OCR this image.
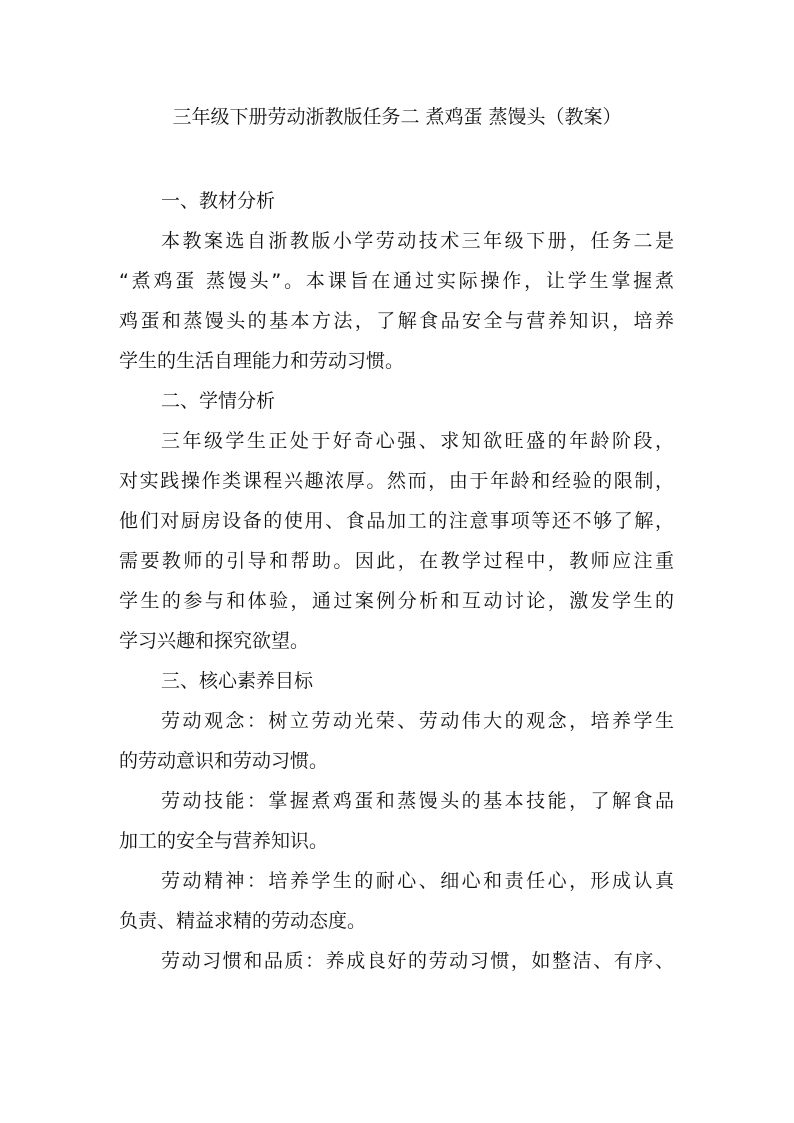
三年级下册劳动浙教版任务二 煮鸡蛋 蒸馒头（教案）
一、教材分析
本教案选自浙教版小学劳动技术三年级下册，任务二是
“煮鸡蛋 蒸馒头”。本课旨在通过实际操作，让学生掌握煮
鸡蛋和蒸馒头的基本方法，了解食品安全与营养知识，培养
学生的生活自理能力和劳动习惯。
二、学情分析
三年级学生正处于好奇心强、求知欲旺盛的年龄阶段，
对实践操作类课程兴趣浓厚。然而，由于年龄和经验的限制，
他们对厨房设备的使用、食品加工的注意事项等还不够了解，
需要教师的引导和帮助。因此，在教学过程中，教师应注重
学生的参与和体验，通过案例分析和互动讨论，激发学生的
学习兴趣和探究欲望。
三、核心素养目标
劳动观念：树立劳动光荣、劳动伟大的观念，培养学生
的劳动意识和劳动习惯。
劳动技能：掌握煮鸡蛋和蒸馒头的基本技能，了解食品
加工的安全与营养知识。
劳动精神：培养学生的耐心、细心和责任心，形成认真
负责、精益求精的劳动态度。
劳动习惯和品质：养成良好的劳动习惯，如整洁、有序、
